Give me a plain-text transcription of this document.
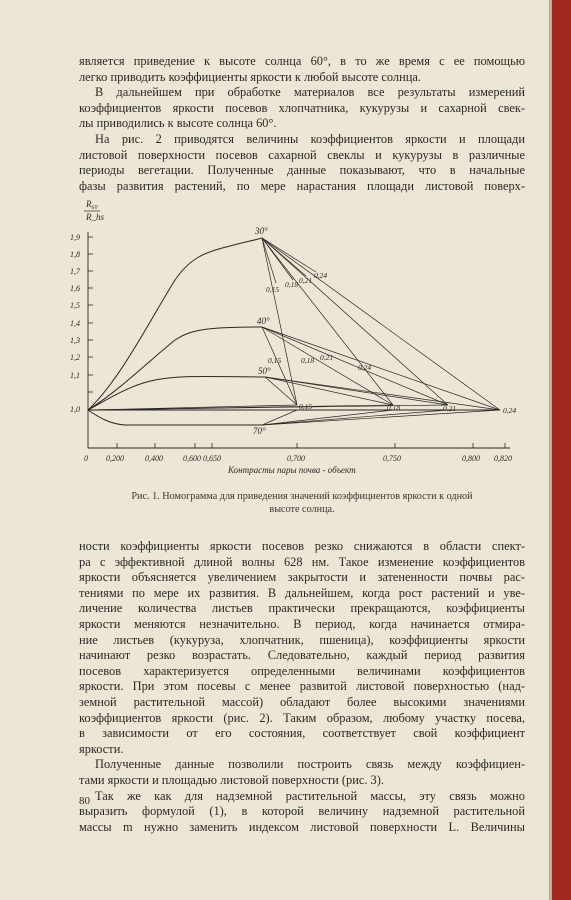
является приведение к высоте солнца 60°, в то же время с ее помощью
легко приводить коэффициенты яркости к любой высоте солнца.
В дальнейшем при обработке материалов все результаты измерений
коэффициентов яркости посевов хлопчатника, кукурузы и сахарной свек-
лы приводились к высоте солнца 60°.
На рис. 2 приводятся величины коэффициентов яркости и площади
листовой поверхности посевов сахарной свеклы и кукурузы в различные
периоды вегетации. Полученные данные показывают, что в начальные
фазы развития растений, по мере нарастания площади листовой поверх-
R₆₀
R_hs
1,9
1,8
1,7
1,6
1,5
1,4
1,3
1,2
1,1
1,0
0 0,200	0,400	0,600 0,650	0,700	0,750	0,800 0,820
Контрасты пары почва - объект
30°
40°
50°
70°
0,15
0,18 0,21
0,24
0,15	0,18 0,21
0,24
0,15	0,18	0,21	0,24
Рис. 1. Номограмма для приведения значений коэффициентов яркости к одной
высоте солнца.
ности коэффициенты яркости посевов резко снижаются в области спект-
ра с эффективной длиной волны 628 нм. Такое изменение коэффициентов
яркости объясняется увеличением закрытости и затененности почвы рас-
тениями по мере их развития. В дальнейшем, когда рост растений и уве-
личение количества листьев практически прекращаются, коэффициенты
яркости меняются незначительно. В период, когда начинается отмира-
ние листьев (кукуруза, хлопчатник, пшеница), коэффициенты яркости
начинают резко возрастать. Следовательно, каждый период развития
посевов характеризуется определенными величинами коэффициентов
яркости. При этом посевы с менее развитой листовой поверхностью (над-
земной растительной массой) обладают более высокими значениями
коэффициентов яркости (рис. 2). Таким образом, любому участку посева,
в зависимости от его состояния, соответствует свой коэффициент
яркости.
Полученные данные позволили построить связь между коэффициен-
тами яркости и площадью листовой поверхности (рис. 3).
Так же как для надземной растительной массы, эту связь можно
выразить формулой (1), в которой величину надземной растительной
массы m нужно заменить индексом листовой поверхности L. Величины
80
